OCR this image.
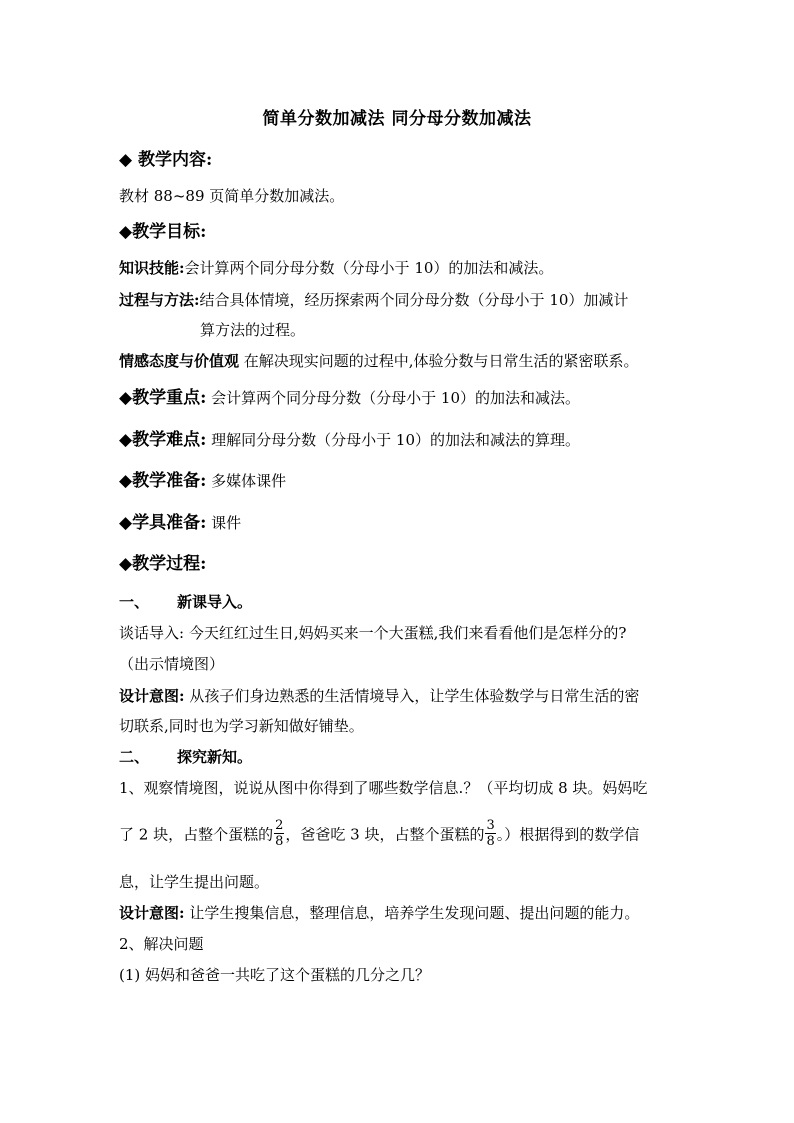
简单分数加减法 同分母分数加减法
◆ 教学内容:
教材 88~89 页简单分数加减法。
◆教学目标:
知识技能:会计算两个同分母分数（分母小于 10）的加法和减法。
过程与方法:结合具体情境，经历探索两个同分母分数（分母小于 10）加减计
算方法的过程。
情感态度与价值观 在解决现实问题的过程中,体验分数与日常生活的紧密联系。
◆教学重点: 会计算两个同分母分数（分母小于 10）的加法和减法。
◆教学难点: 理解同分母分数（分母小于 10）的加法和减法的算理。
◆教学准备: 多媒体课件
◆学具准备: 课件
◆教学过程:
一、 新课导入。
谈话导入: 今天红红过生日,妈妈买来一个大蛋糕,我们来看看他们是怎样分的?
（出示情境图）
设计意图: 从孩子们身边熟悉的生活情境导入，让学生体验数学与日常生活的密
切联系,同时也为学习新知做好铺垫。
二、 探究新知。
1、观察情境图，说说从图中你得到了哪些数学信息.？（平均切成 8 块。妈妈吃
了 2 块，占整个蛋糕的 $\frac{2}{8}$ ，爸爸吃 3 块，占整个蛋糕的 $\frac{3}{8}$ 。）根据得到的数学信
息，让学生提出问题。
设计意图: 让学生搜集信息，整理信息，培养学生发现问题、提出问题的能力。
2、解决问题
(1) 妈妈和爸爸一共吃了这个蛋糕的几分之几？
